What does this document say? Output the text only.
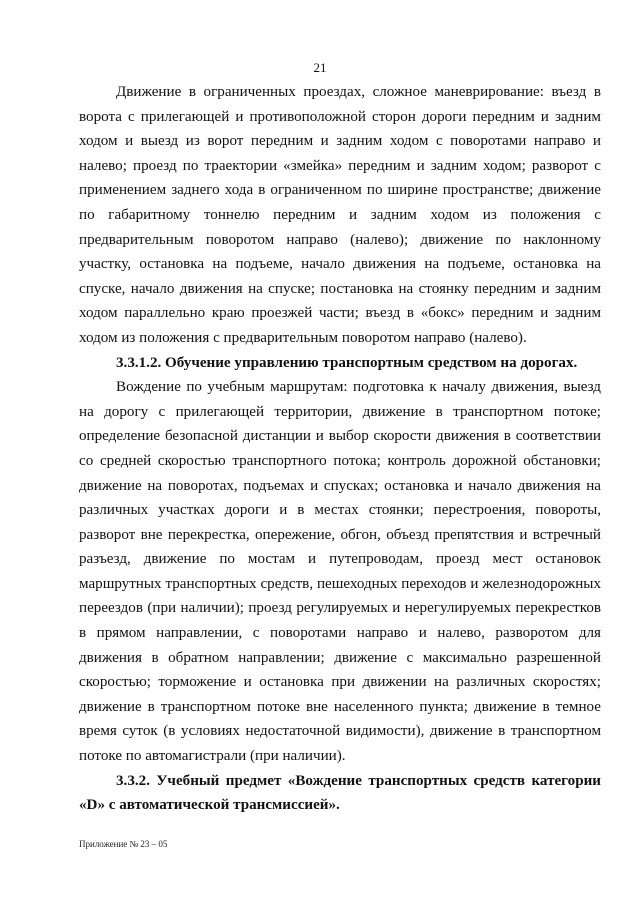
21

Движение в ограниченных проездах, сложное маневрирование: въезд в ворота с прилегающей и противоположной сторон дороги передним и задним ходом и выезд из ворот передним и задним ходом с поворотами направо и налево; проезд по траектории «змейка» передним и задним ходом; разворот с применением заднего хода в ограниченном по ширине пространстве; движение по габаритному тоннелю передним и задним ходом из положения с предварительным поворотом направо (налево); движение по наклонному участку, остановка на подъеме, начало движения на подъеме, остановка на спуске, начало движения на спуске; постановка на стоянку передним и задним ходом параллельно краю проезжей части; въезд в «бокс» передним и задним ходом из положения с предварительным поворотом направо (налево).

3.3.1.2. Обучение управлению транспортным средством на дорогах.

Вождение по учебным маршрутам: подготовка к началу движения, выезд на дорогу с прилегающей территории, движение в транспортном потоке; определение безопасной дистанции и выбор скорости движения в соответствии со средней скоростью транспортного потока; контроль дорожной обстановки; движение на поворотах, подъемах и спусках; остановка и начало движения на различных участках дороги и в местах стоянки; перестроения, повороты, разворот вне перекрестка, опережение, обгон, объезд препятствия и встречный разъезд, движение по мостам и путепроводам, проезд мест остановок маршрутных транспортных средств, пешеходных переходов и железнодорожных переездов (при наличии); проезд регулируемых и нерегулируемых перекрестков в прямом направлении, с поворотами направо и налево, разворотом для движения в обратном направлении; движение с максимально разрешенной скоростью; торможение и остановка при движении на различных скоростях; движение в транспортном потоке вне населенного пункта; движение в темное время суток (в условиях недостаточной видимости), движение в транспортном потоке по автомагистрали (при наличии).

3.3.2. Учебный предмет «Вождение транспортных средств категории «D» с автоматической трансмиссией».

Приложение № 23 – 05
